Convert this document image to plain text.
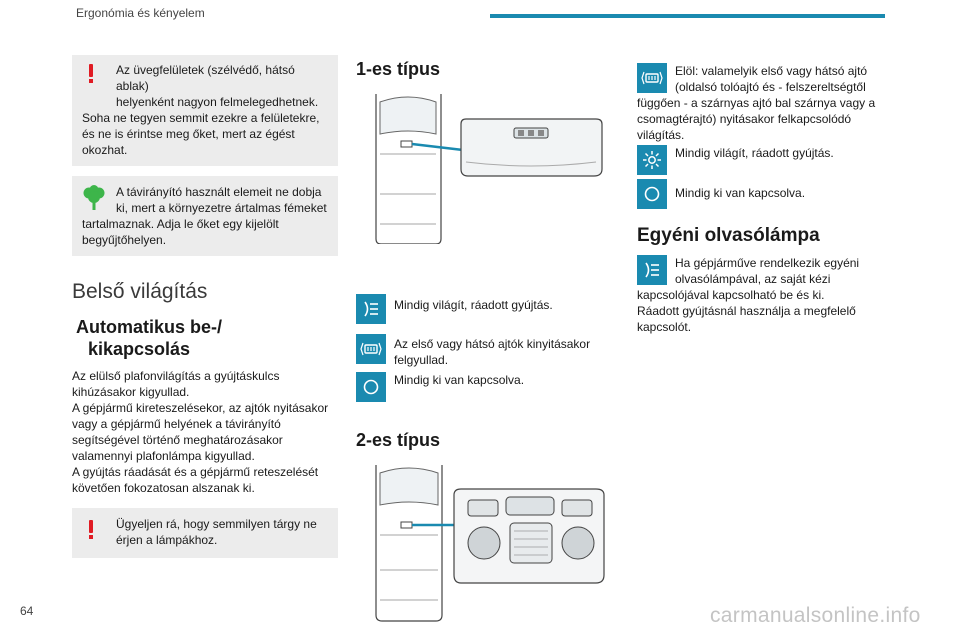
Ergonómia és kényelem
64	carmanualsonline.info
Az üvegfelületek (szélvédő, hátsó ablak)
helyenként nagyon felmelegedhetnek.
Soha ne tegyen semmit ezekre a felületekre, és ne is érintse meg őket, mert az égést okozhat.
A távirányító használt elemeit ne dobja
ki, mert a környezetre ártalmas fémeket
tartalmaznak. Adja le őket egy kijelölt begyűjtőhelyen.
Belső világítás
Automatikus be-/
kikapcsolás
Az elülső plafonvilágítás a gyújtáskulcs kihúzásakor kigyullad.
A gépjármű kireteszelésekor, az ajtók nyitásakor vagy a gépjármű helyének a távirányító segítségével történő meghatározásakor valamennyi plafonlámpa kigyullad.
A gyújtás ráadását és a gépjármű reteszelését követően fokozatosan alszanak ki.
Ügyeljen rá, hogy semmilyen tárgy ne
érjen a lámpákhoz.
1-es típus
Mindig világít, ráadott gyújtás.
Az első vagy hátsó ajtók kinyitásakor felgyullad.
Mindig ki van kapcsolva.
2-es típus
Elöl: valamelyik első vagy hátsó ajtó
(oldalsó tolóajtó és - felszereltségtől függően - a szárnyas ajtó bal szárnya vagy a csomagtérajtó) nyitásakor felkapcsolódó világítás.
Mindig világít, ráadott gyújtás.
Mindig ki van kapcsolva.
Egyéni olvasólámpa
Ha gépjárműve rendelkezik egyéni
olvasólámpával, az saját kézi
kapcsolójával kapcsolható be és ki.
Ráadott gyújtásnál használja a megfelelő kapcsolót.
